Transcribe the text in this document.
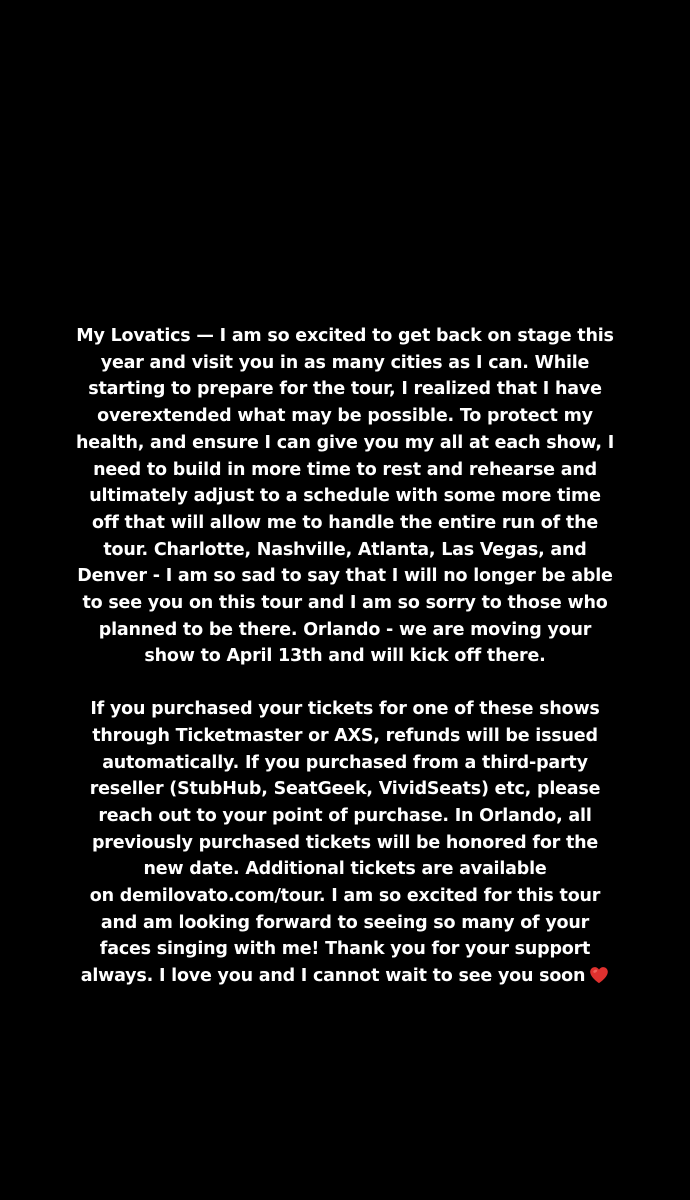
My Lovatics — I am so excited to get back on stage this
year and visit you in as many cities as I can. While
starting to prepare for the tour, I realized that I have
overextended what may be possible. To protect my
health, and ensure I can give you my all at each show, I
need to build in more time to rest and rehearse and
ultimately adjust to a schedule with some more time
off that will allow me to handle the entire run of the
tour. Charlotte, Nashville, Atlanta, Las Vegas, and
Denver - I am so sad to say that I will no longer be able
to see you on this tour and I am so sorry to those who
planned to be there. Orlando - we are moving your
show to April 13th and will kick off there.

If you purchased your tickets for one of these shows
through Ticketmaster or AXS, refunds will be issued
automatically. If you purchased from a third-party
reseller (StubHub, SeatGeek, VividSeats) etc, please
reach out to your point of purchase. In Orlando, all
previously purchased tickets will be honored for the
new date. Additional tickets are available
on demilovato.com/tour. I am so excited for this tour
and am looking forward to seeing so many of your
faces singing with me! Thank you for your support
always. I love you and I cannot wait to see you soon
